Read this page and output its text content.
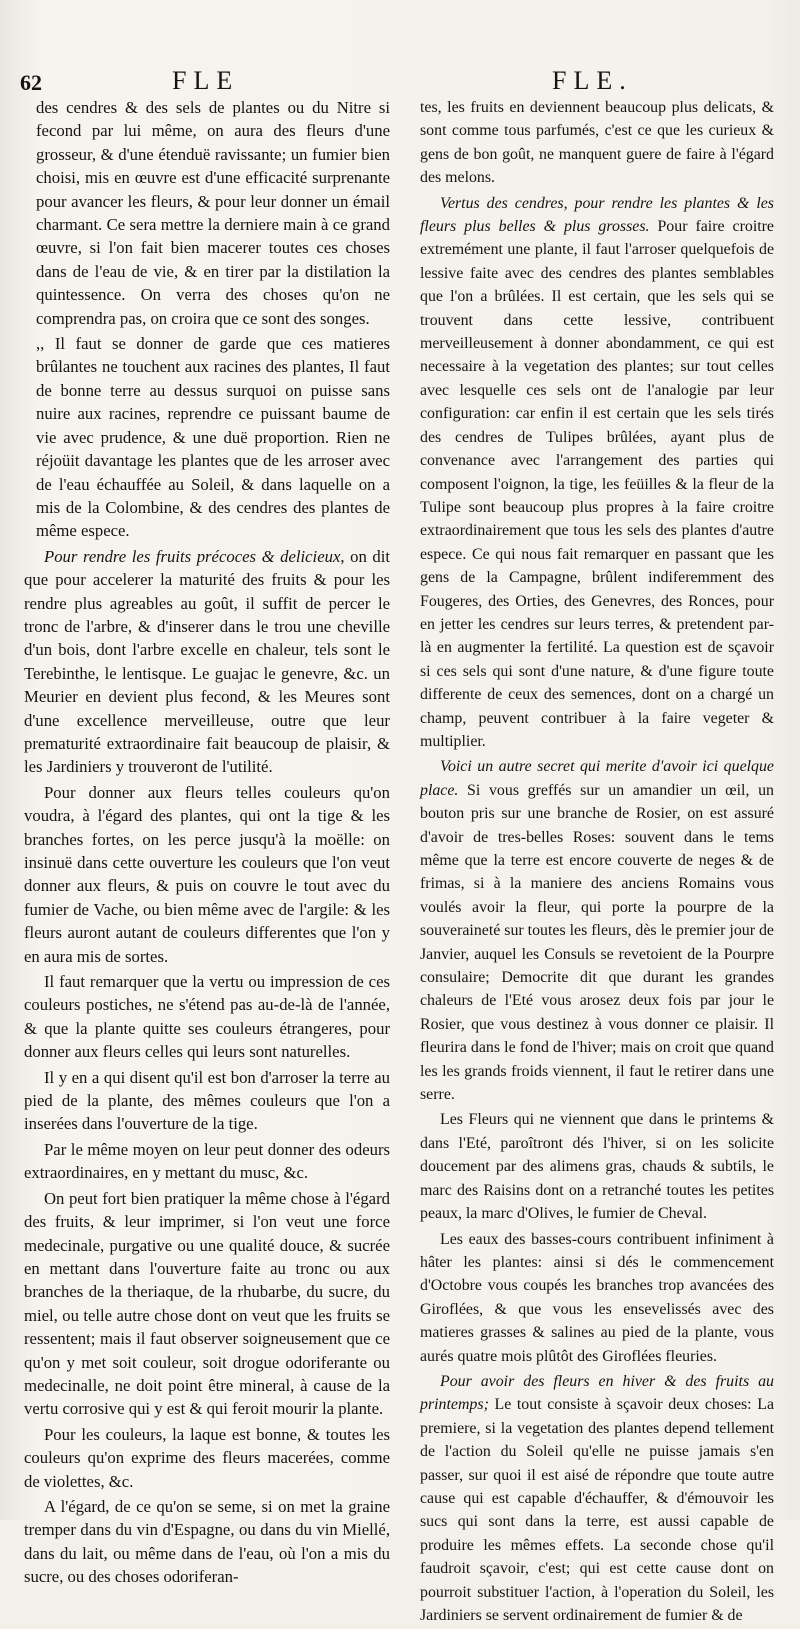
62	FLE	FLE.

des cendres & des sels de plantes ou du Nitre si fecond par lui même, on aura des fleurs d'une grosseur, & d'une étenduë ravissante; un fumier bien choisi, mis en œuvre est d'une efficacité surprenante pour avancer les fleurs, & pour leur donner un émail charmant. Ce sera mettre la derniere main à ce grand œuvre, si l'on fait bien macerer toutes ces choses dans de l'eau de vie, & en tirer par la distilation la quintessence. On verra des choses qu'on ne comprendra pas, on croira que ce sont des songes.

,, Il faut se donner de garde que ces matieres brûlantes ne touchent aux racines des plantes, Il faut de bonne terre au dessus surquoi on puisse sans nuire aux racines, reprendre ce puissant baume de vie avec prudence, & une duë proportion. Rien ne réjoüit davantage les plantes que de les arroser avec de l'eau échauffée au Soleil, & dans laquelle on a mis de la Colombine, & des cendres des plantes de même espece.

Pour rendre les fruits précoces & delicieux, on dit que pour accelerer la maturité des fruits & pour les rendre plus agreables au goût, il suffit de percer le tronc de l'arbre, & d'inserer dans le trou une cheville d'un bois, dont l'arbre excelle en chaleur, tels sont le Terebinthe, le lentisque. Le guajac le genevre, &c. un Meurier en devient plus fecond, & les Meures sont d'une excellence merveilleuse, outre que leur prematurité extraordinaire fait beaucoup de plaisir, & les Jardiniers y trouveront de l'utilité.

Pour donner aux fleurs telles couleurs qu'on voudra, à l'égard des plantes, qui ont la tige & les branches fortes, on les perce jusqu'à la moëlle: on insinuë dans cette ouverture les couleurs que l'on veut donner aux fleurs, & puis on couvre le tout avec du fumier de Vache, ou bien même avec de l'argile: & les fleurs auront autant de couleurs differentes que l'on y en aura mis de sortes.

Il faut remarquer que la vertu ou impression de ces couleurs postiches, ne s'étend pas au-de-là de l'année, & que la plante quitte ses couleurs étrangeres, pour donner aux fleurs celles qui leurs sont naturelles.

Il y en a qui disent qu'il est bon d'arroser la terre au pied de la plante, des mêmes couleurs que l'on a inserées dans l'ouverture de la tige.

Par le même moyen on leur peut donner des odeurs extraordinaires, en y mettant du musc, &c.

On peut fort bien pratiquer la même chose à l'égard des fruits, & leur imprimer, si l'on veut une force medecinale, purgative ou une qualité douce, & sucrée en mettant dans l'ouverture faite au tronc ou aux branches de la theriaque, de la rhubarbe, du sucre, du miel, ou telle autre chose dont on veut que les fruits se ressentent; mais il faut observer soigneusement que ce qu'on y met soit couleur, soit drogue odoriferante ou medecinalle, ne doit point être mineral, à cause de la vertu corrosive qui y est & qui feroit mourir la plante.

Pour les couleurs, la laque est bonne, & toutes les couleurs qu'on exprime des fleurs macerées, comme de violettes, &c.

A l'égard, de ce qu'on se seme, si on met la graine tremper dans du vin d'Espagne, ou dans du vin Miellé, dans du lait, ou même dans de l'eau, où l'on a mis du sucre, ou des choses odoriferan-

tes, les fruits en deviennent beaucoup plus delicats, & sont comme tous parfumés, c'est ce que les curieux & gens de bon goût, ne manquent guere de faire à l'égard des melons.

Vertus des cendres, pour rendre les plantes & les fleurs plus belles & plus grosses. Pour faire croitre extremément une plante, il faut l'arroser quelquefois de lessive faite avec des cendres des plantes semblables que l'on a brûlées. Il est certain, que les sels qui se trouvent dans cette lessive, contribuent merveilleusement à donner abondamment, ce qui est necessaire à la vegetation des plantes; sur tout celles avec lesquelle ces sels ont de l'analogie par leur configuration: car enfin il est certain que les sels tirés des cendres de Tulipes brûlées, ayant plus de convenance avec l'arrangement des parties qui composent l'oignon, la tige, les feüilles & la fleur de la Tulipe sont beaucoup plus propres à la faire croitre extraordinairement que tous les sels des plantes d'autre espece. Ce qui nous fait remarquer en passant que les gens de la Campagne, brûlent indiferemment des Fougeres, des Orties, des Genevres, des Ronces, pour en jetter les cendres sur leurs terres, & pretendent par-là en augmenter la fertilité. La question est de sçavoir si ces sels qui sont d'une nature, & d'une figure toute differente de ceux des semences, dont on a chargé un champ, peuvent contribuer à la faire vegeter & multiplier.

Voici un autre secret qui merite d'avoir ici quelque place. Si vous greffés sur un amandier un œil, un bouton pris sur une branche de Rosier, on est assuré d'avoir de tres-belles Roses: souvent dans le tems même que la terre est encore couverte de neges & de frimas, si à la maniere des anciens Romains vous voulés avoir la fleur, qui porte la pourpre de la souveraineté sur toutes les fleurs, dès le premier jour de Janvier, auquel les Consuls se revetoient de la Pourpre consulaire; Democrite dit que durant les grandes chaleurs de l'Eté vous arosez deux fois par jour le Rosier, que vous destinez à vous donner ce plaisir. Il fleurira dans le fond de l'hiver; mais on croit que quand les les grands froids viennent, il faut le retirer dans une serre.

Les Fleurs qui ne viennent que dans le printems & dans l'Eté, paroîtront dés l'hiver, si on les solicite doucement par des alimens gras, chauds & subtils, le marc des Raisins dont on a retranché toutes les petites peaux, la marc d'Olives, le fumier de Cheval.

Les eaux des basses-cours contribuent infiniment à hâter les plantes: ainsi si dés le commencement d'Octobre vous coupés les branches trop avancées des Giroflées, & que vous les ensevelissés avec des matieres grasses & salines au pied de la plante, vous aurés quatre mois plûtôt des Giroflées fleuries.

Pour avoir des fleurs en hiver & des fruits au printemps; Le tout consiste à sçavoir deux choses: La premiere, si la vegetation des plantes depend tellement de l'action du Soleil qu'elle ne puisse jamais s'en passer, sur quoi il est aisé de répondre que toute autre cause qui est capable d'échauffer, & d'émouvoir les sucs qui sont dans la terre, est aussi capable de produire les mêmes effets. La seconde chose qu'il faudroit sçavoir, c'est; qui est cette cause dont on pourroit substituer l'action, à l'operation du Soleil, les Jardiniers se servent ordinairement de fumier & de
